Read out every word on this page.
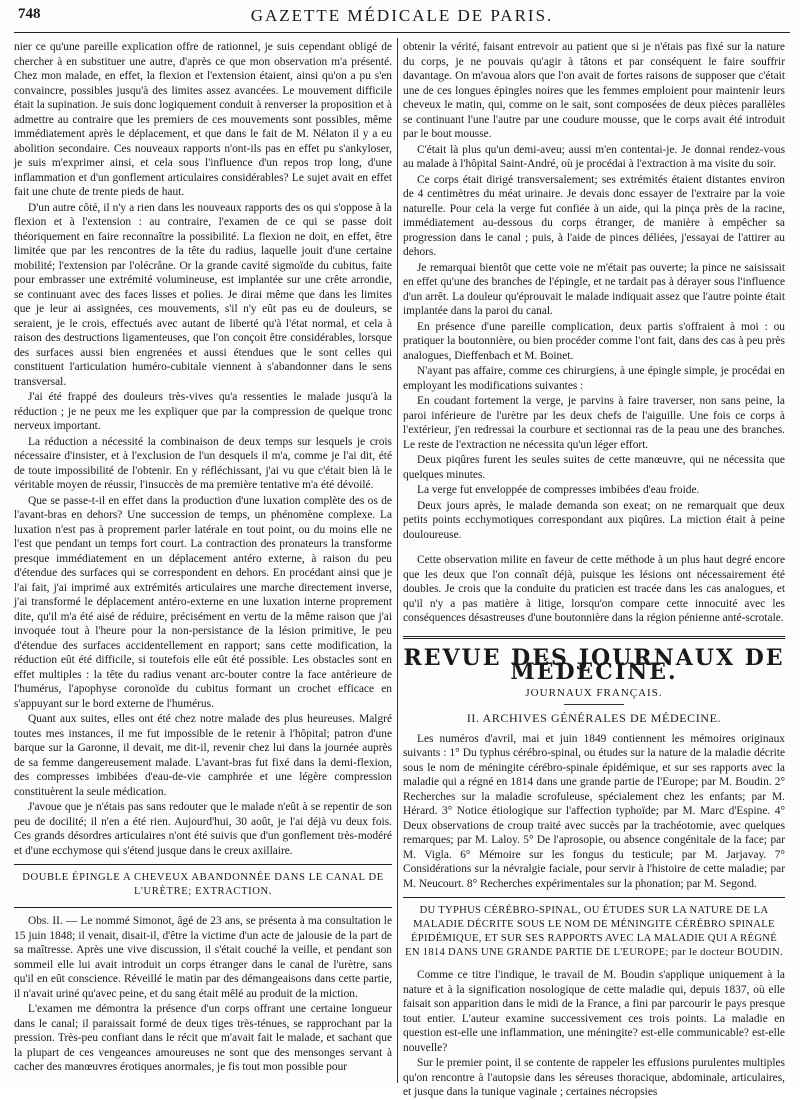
748	GAZETTE MÉDICALE DE PARIS.

nier ce qu'une pareille explication offre de rationnel, je suis cependant obligé de chercher à en substituer une autre, d'après ce que mon observation m'a présenté. Chez mon malade, en effet, la flexion et l'extension étaient, ainsi qu'on a pu s'en convaincre, possibles jusqu'à des limites assez avancées. Le mouvement difficile était la supination. Je suis donc logiquement conduit à renverser la proposition et à admettre au contraire que les premiers de ces mouvements sont possibles, même immédiatement après le déplacement, et que dans le fait de M. Nélaton il y a eu abolition secondaire. Ces nouveaux rapports n'ont-ils pas en effet pu s'ankyloser, je suis m'exprimer ainsi, et cela sous l'influence d'un repos trop long, d'une inflammation et d'un gonflement articulaires considérables? Le sujet avait en effet fait une chute de trente pieds de haut.

D'un autre côté, il n'y a rien dans les nouveaux rapports des os qui s'oppose à la flexion et à l'extension : au contraire, l'examen de ce qui se passe doit théoriquement en faire reconnaître la possibilité. La flexion ne doit, en effet, être limitée que par les rencontres de la tête du radius, laquelle jouit d'une certaine mobilité; l'extension par l'olécrâne. Or la grande cavité sigmoïde du cubitus, faite pour embrasser une extrémité volumineuse, est implantée sur une crête arrondie, se continuant avec des faces lisses et polies. Je dirai même que dans les limites que je leur ai assignées, ces mouvements, s'il n'y eût pas eu de douleurs, se seraient, je le crois, effectués avec autant de liberté qu'à l'état normal, et cela à raison des destructions ligamenteuses, que l'on conçoit être considérables, lorsque des surfaces aussi bien engrenées et aussi étendues que le sont celles qui constituent l'articulation huméro-cubitale viennent à s'abandonner dans le sens transversal.

J'ai été frappé des douleurs très-vives qu'a ressenties le malade jusqu'à la réduction ; je ne peux me les expliquer que par la compression de quelque tronc nerveux important.

La réduction a nécessité la combinaison de deux temps sur lesquels je crois nécessaire d'insister, et à l'exclusion de l'un desquels il m'a, comme je l'ai dit, été de toute impossibilité de l'obtenir. En y réfléchissant, j'ai vu que c'était bien là le véritable moyen de réussir, l'insuccès de ma première tentative m'a été dévoilé.

Que se passe-t-il en effet dans la production d'une luxation complète des os de l'avant-bras en dehors? Une succession de temps, un phénomène complexe. La luxation n'est pas à proprement parler latérale en tout point, ou du moins elle ne l'est que pendant un temps fort court. La contraction des pronateurs la transforme presque immédiatement en un déplacement antéro externe, à raison du peu d'étendue des surfaces qui se correspondent en dehors. En procédant ainsi que je l'ai fait, j'ai imprimé aux extrémités articulaires une marche directement inverse, j'ai transformé le déplacement antéro-externe en une luxation interne proprement dite, qu'il m'a été aisé de réduire, précisément en vertu de la même raison que j'ai invoquée tout à l'heure pour la non-persistance de la lésion primitive, le peu d'étendue des surfaces accidentellement en rapport; sans cette modification, la réduction eût été difficile, si toutefois elle eût été possible. Les obstacles sont en effet multiples : la tête du radius venant arc-bouter contre la face antérieure de l'humérus, l'apophyse coronoïde du cubitus formant un crochet efficace en s'appuyant sur le bord externe de l'humérus.

Quant aux suites, elles ont été chez notre malade des plus heureuses. Malgré toutes mes instances, il me fut impossible de le retenir à l'hôpital; patron d'une barque sur la Garonne, il devait, me dit-il, revenir chez lui dans la journée auprès de sa femme dangereusement malade. L'avant-bras fut fixé dans la demi-flexion, des compresses imbibées d'eau-de-vie camphrée et une légère compression constituèrent la seule médication.

J'avoue que je n'étais pas sans redouter que le malade n'eût à se repentir de son peu de docilité; il n'en a été rien. Aujourd'hui, 30 août, je l'ai déjà vu deux fois. Ces grands désordres articulaires n'ont été suivis que d'un gonflement très-modéré et d'une ecchymose qui s'étend jusque dans le creux axillaire.

DOUBLE ÉPINGLE A CHEVEUX ABANDONNÉE DANS LE CANAL DE L'URÈTRE; EXTRACTION.

Obs. II. — Le nommé Simonot, âgé de 23 ans, se présenta à ma consultation le 15 juin 1848; il venait, disait-il, d'être la victime d'un acte de jalousie de la part de sa maîtresse. Après une vive discussion, il s'était couché la veille, et pendant son sommeil elle lui avait introduit un corps étranger dans le canal de l'urètre, sans qu'il en eût conscience. Réveillé le matin par des démangeaisons dans cette partie, il n'avait uriné qu'avec peine, et du sang était mêlé au produit de la miction.

L'examen me démontra la présence d'un corps offrant une certaine longueur dans le canal; il paraissait formé de deux tiges très-ténues, se rapprochant par la pression. Très-peu confiant dans le récit que m'avait fait le malade, et sachant que la plupart de ces vengeances amoureuses ne sont que des mensonges servant à cacher des manœuvres érotiques anormales, je fis tout mon possible pour

obtenir la vérité, faisant entrevoir au patient que si je n'étais pas fixé sur la nature du corps, je ne pouvais qu'agir à tâtons et par conséquent le faire souffrir davantage. On m'avoua alors que l'on avait de fortes raisons de supposer que c'était une de ces longues épingles noires que les femmes emploient pour maintenir leurs cheveux le matin, qui, comme on le sait, sont composées de deux pièces parallèles se continuant l'une l'autre par une coudure mousse, que le corps avait été introduit par le bout mousse.

C'était là plus qu'un demi-aveu; aussi m'en contentai-je. Je donnai rendez-vous au malade à l'hôpital Saint-André, où je procédai à l'extraction à ma visite du soir.

Ce corps était dirigé transversalement; ses extrémités étaient distantes environ de 4 centimètres du méat urinaire. Je devais donc essayer de l'extraire par la voie naturelle. Pour cela la verge fut confiée à un aide, qui la pinça près de la racine, immédiatement au-dessous du corps étranger, de manière à empêcher sa progression dans le canal ; puis, à l'aide de pinces déliées, j'essayai de l'attirer au dehors.

Je remarquai bientôt que cette voie ne m'était pas ouverte; la pince ne saisissait en effet qu'une des branches de l'épingle, et ne tardait pas à dérayer sous l'influence d'un arrêt. La douleur qu'éprouvait le malade indiquait assez que l'autre pointe était implantée dans la paroi du canal.

En présence d'une pareille complication, deux partis s'offraient à moi : ou pratiquer la boutonnière, ou bien procéder comme l'ont fait, dans des cas à peu près analogues, Dieffenbach et M. Boinet.

N'ayant pas affaire, comme ces chirurgiens, à une épingle simple, je procédai en employant les modifications suivantes :

En coudant fortement la verge, je parvins à faire traverser, non sans peine, la paroi inférieure de l'urètre par les deux chefs de l'aiguille. Une fois ce corps à l'extérieur, j'en redressai la courbure et sectionnai ras de la peau une des branches. Le reste de l'extraction ne nécessita qu'un léger effort.

Deux piqûres furent les seules suites de cette manœuvre, qui ne nécessita que quelques minutes.

La verge fut enveloppée de compresses imbibées d'eau froide.

Deux jours après, le malade demanda son exeat; on ne remarquait que deux petits points ecchymotiques correspondant aux piqûres. La miction était à peine douloureuse.

Cette observation milite en faveur de cette méthode à un plus haut degré encore que les deux que l'on connaît déjà, puisque les lésions ont nécessairement été doubles. Je crois que la conduite du praticien est tracée dans les cas analogues, et qu'il n'y a pas matière à litige, lorsqu'on compare cette innocuité avec les conséquences désastreuses d'une boutonnière dans la région pénienne anté-scrotale.

REVUE DES JOURNAUX DE MÉDECINE.
JOURNAUX FRANÇAIS.
II. ARCHIVES GÉNÉRALES DE MÉDECINE.

Les numéros d'avril, mai et juin 1849 contiennent les mémoires originaux suivants : 1° Du typhus cérébro-spinal, ou études sur la nature de la maladie décrite sous le nom de méningite cérébro-spinale épidémique, et sur ses rapports avec la maladie qui a régné en 1814 dans une grande partie de l'Europe; par M. Boudin. 2° Recherches sur la maladie scrofuleuse, spécialement chez les enfants; par M. Hérard. 3° Notice étiologique sur l'affection typhoïde; par M. Marc d'Espine. 4° Deux observations de croup traité avec succès par la trachéotomie, avec quelques remarques; par M. Laloy. 5° De l'aprosopie, ou absence congénitale de la face; par M. Vigla. 6° Mémoire sur les fongus du testicule; par M. Jarjavay. 7° Considérations sur la névralgie faciale, pour servir à l'histoire de cette maladie; par M. Neucourt. 8° Recherches expérimentales sur la phonation; par M. Segond.

DU TYPHUS CÉRÉBRO-SPINAL, OU ÉTUDES SUR LA NATURE DE LA MALADIE DÉCRITE SOUS LE NOM DE MÉNINGITE CÉRÉBRO SPINALE ÉPIDÉMIQUE, ET SUR SES RAPPORTS AVEC LA MALADIE QUI A RÉGNÉ EN 1814 DANS UNE GRANDE PARTIE DE L'EUROPE; par le docteur BOUDIN.

Comme ce titre l'indique, le travail de M. Boudin s'applique uniquement à la nature et à la signification nosologique de cette maladie qui, depuis 1837, où elle faisait son apparition dans le midi de la France, a fini par parcourir le pays presque tout entier. L'auteur examine successivement ces trois points. La maladie en question est-elle une inflammation, une méningite? est-elle communicable? est-elle nouvelle?

Sur le premier point, il se contente de rappeler les effusions purulentes multiples qu'on rencontre à l'autopsie dans les séreuses thoracique, abdominale, articulaires, et jusque dans la tunique vaginale ; certaines nécropsies
